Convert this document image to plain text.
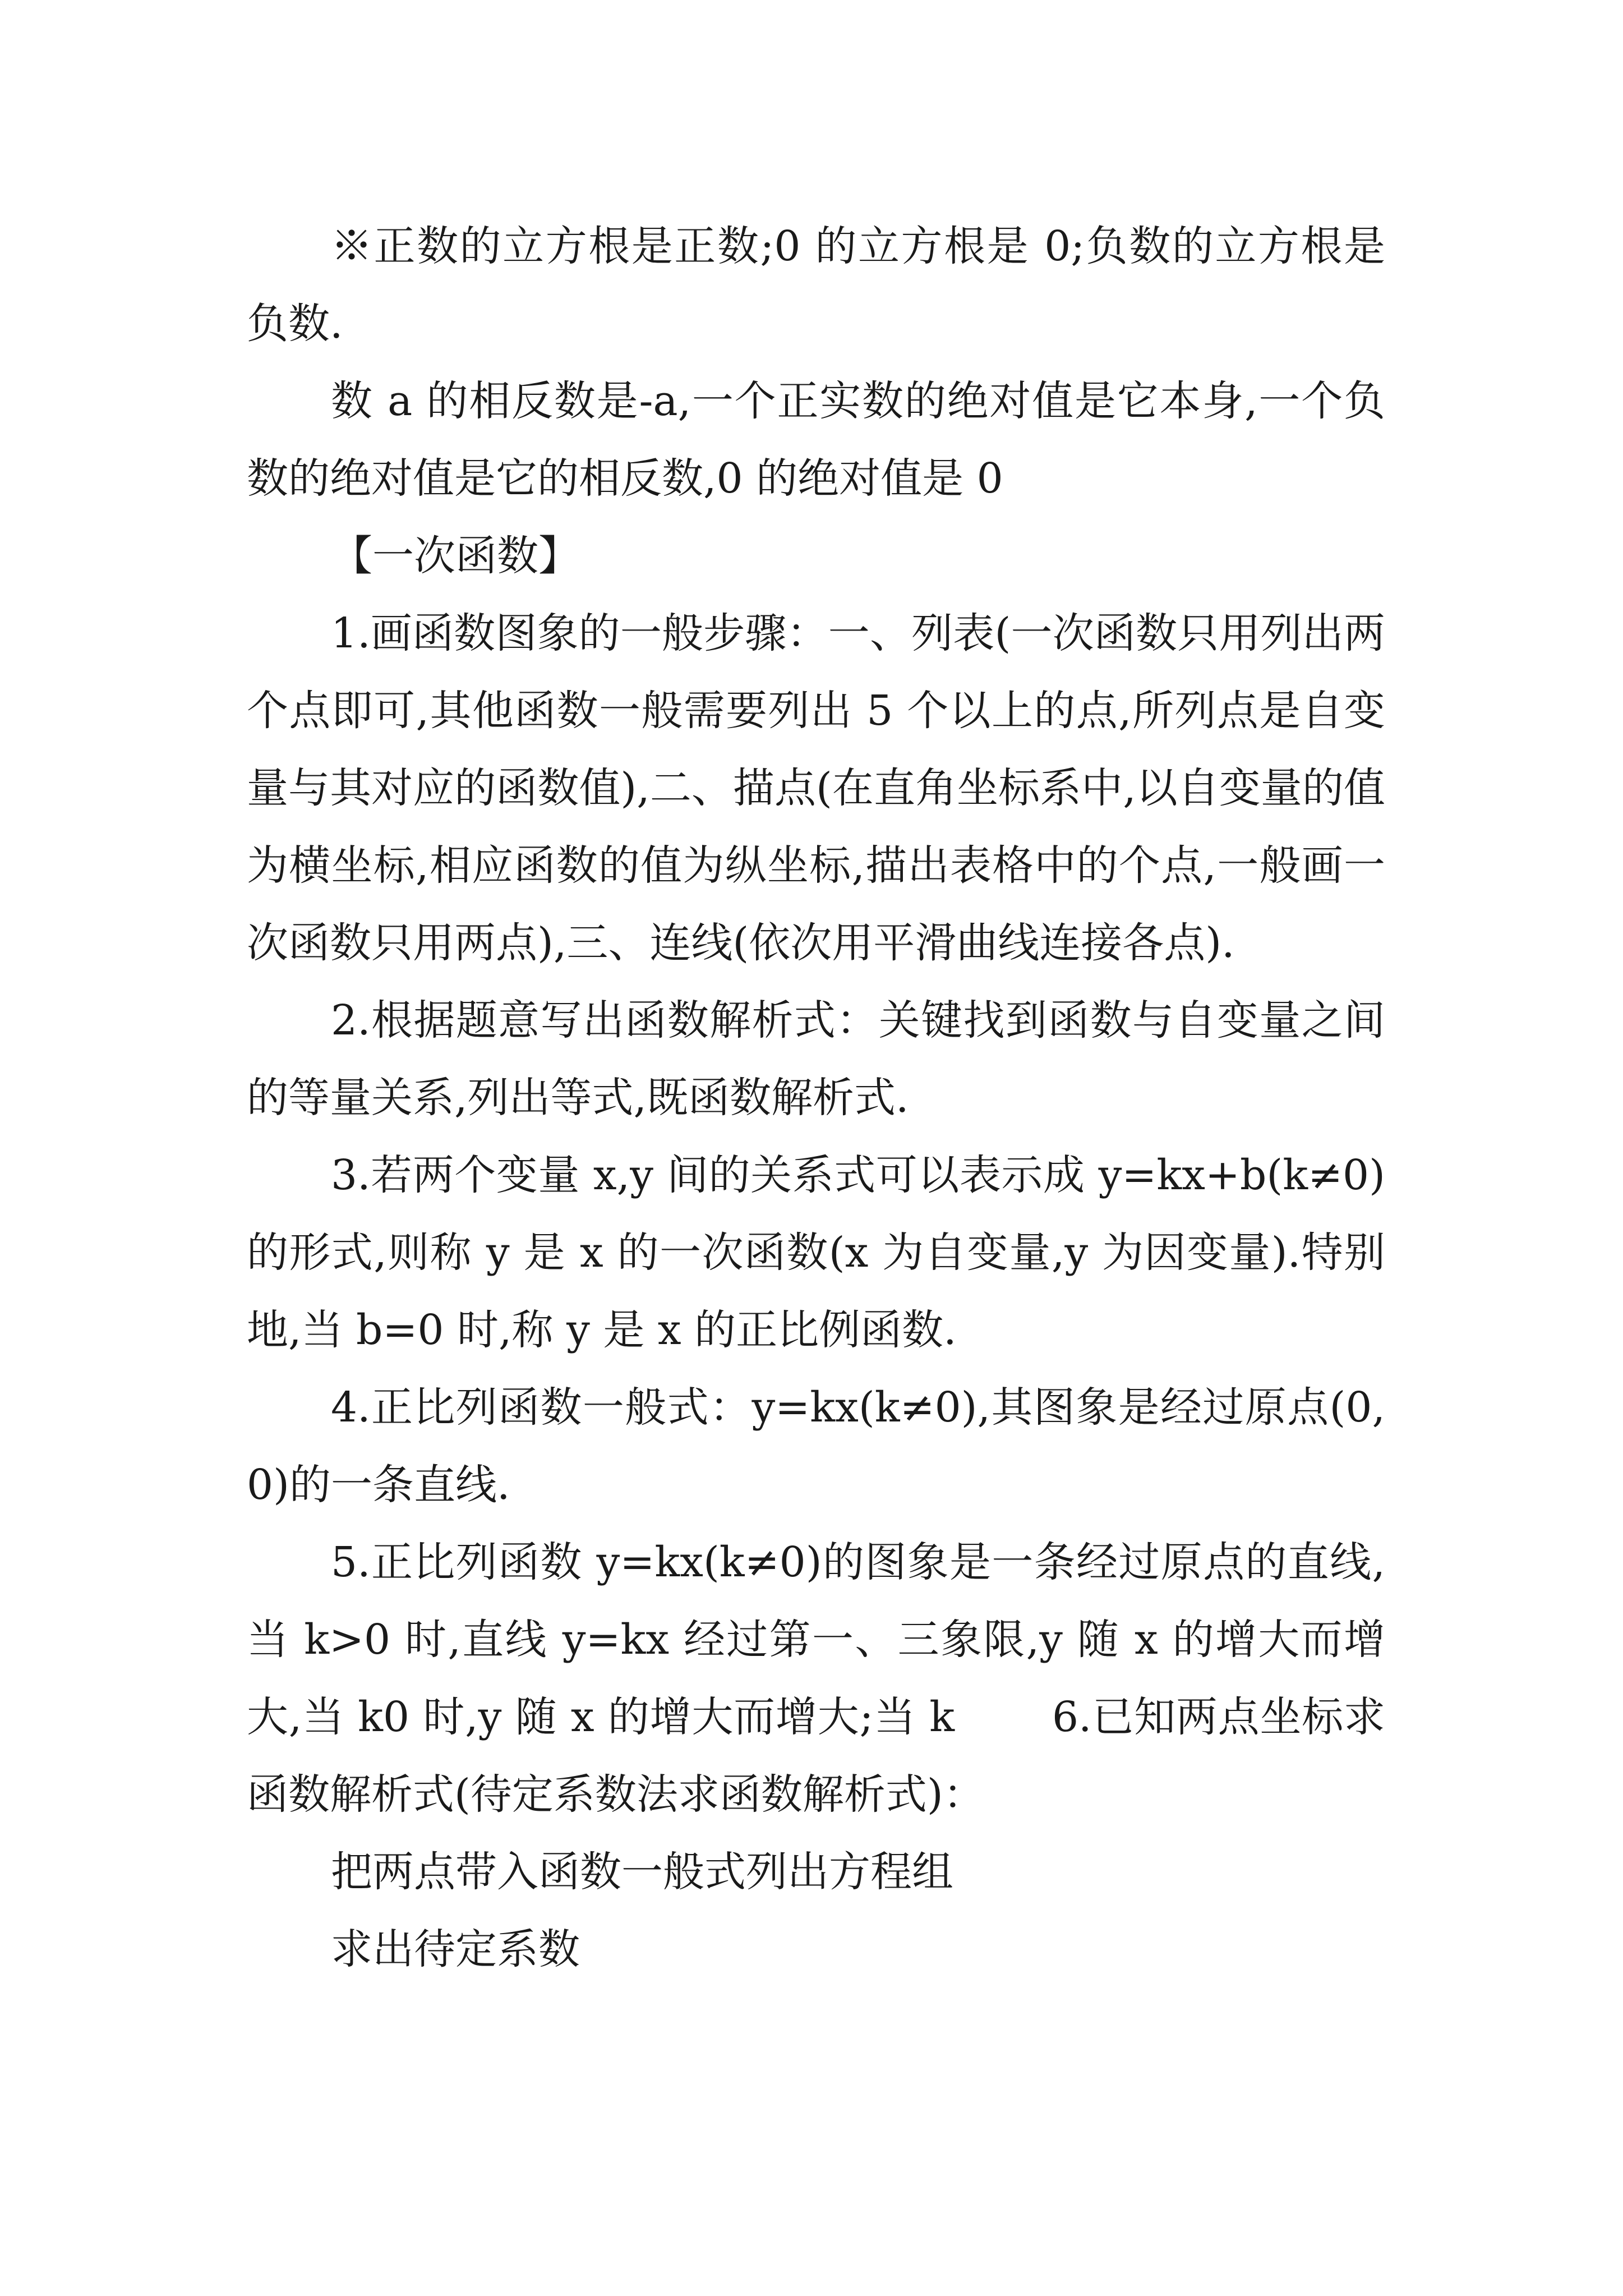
※正数的立方根是正数;0 的立方根是 0;负数的立方根是负数.

数 a 的相反数是-a,一个正实数的绝对值是它本身,一个负数的绝对值是它的相反数,0 的绝对值是 0

【一次函数】

1.画函数图象的一般步骤：一、列表(一次函数只用列出两个点即可,其他函数一般需要列出 5 个以上的点,所列点是自变量与其对应的函数值),二、描点(在直角坐标系中,以自变量的值为横坐标,相应函数的值为纵坐标,描出表格中的个点,一般画一次函数只用两点),三、连线(依次用平滑曲线连接各点).

2.根据题意写出函数解析式：关键找到函数与自变量之间的等量关系,列出等式,既函数解析式.

3.若两个变量 x,y 间的关系式可以表示成 y=kx+b(k≠0)的形式,则称 y 是 x 的一次函数(x 为自变量,y 为因变量).特别地,当 b=0 时,称 y 是 x 的正比例函数.

4.正比列函数一般式：y=kx(k≠0),其图象是经过原点(0,0)的一条直线.

5.正比列函数 y=kx(k≠0)的图象是一条经过原点的直线,当 k>0 时,直线 y=kx 经过第一、三象限,y 随 x 的增大而增大,当 k0 时,y 随 x 的增大而增大;当 k 　　6.已知两点坐标求函数解析式(待定系数法求函数解析式)：

把两点带入函数一般式列出方程组

求出待定系数
